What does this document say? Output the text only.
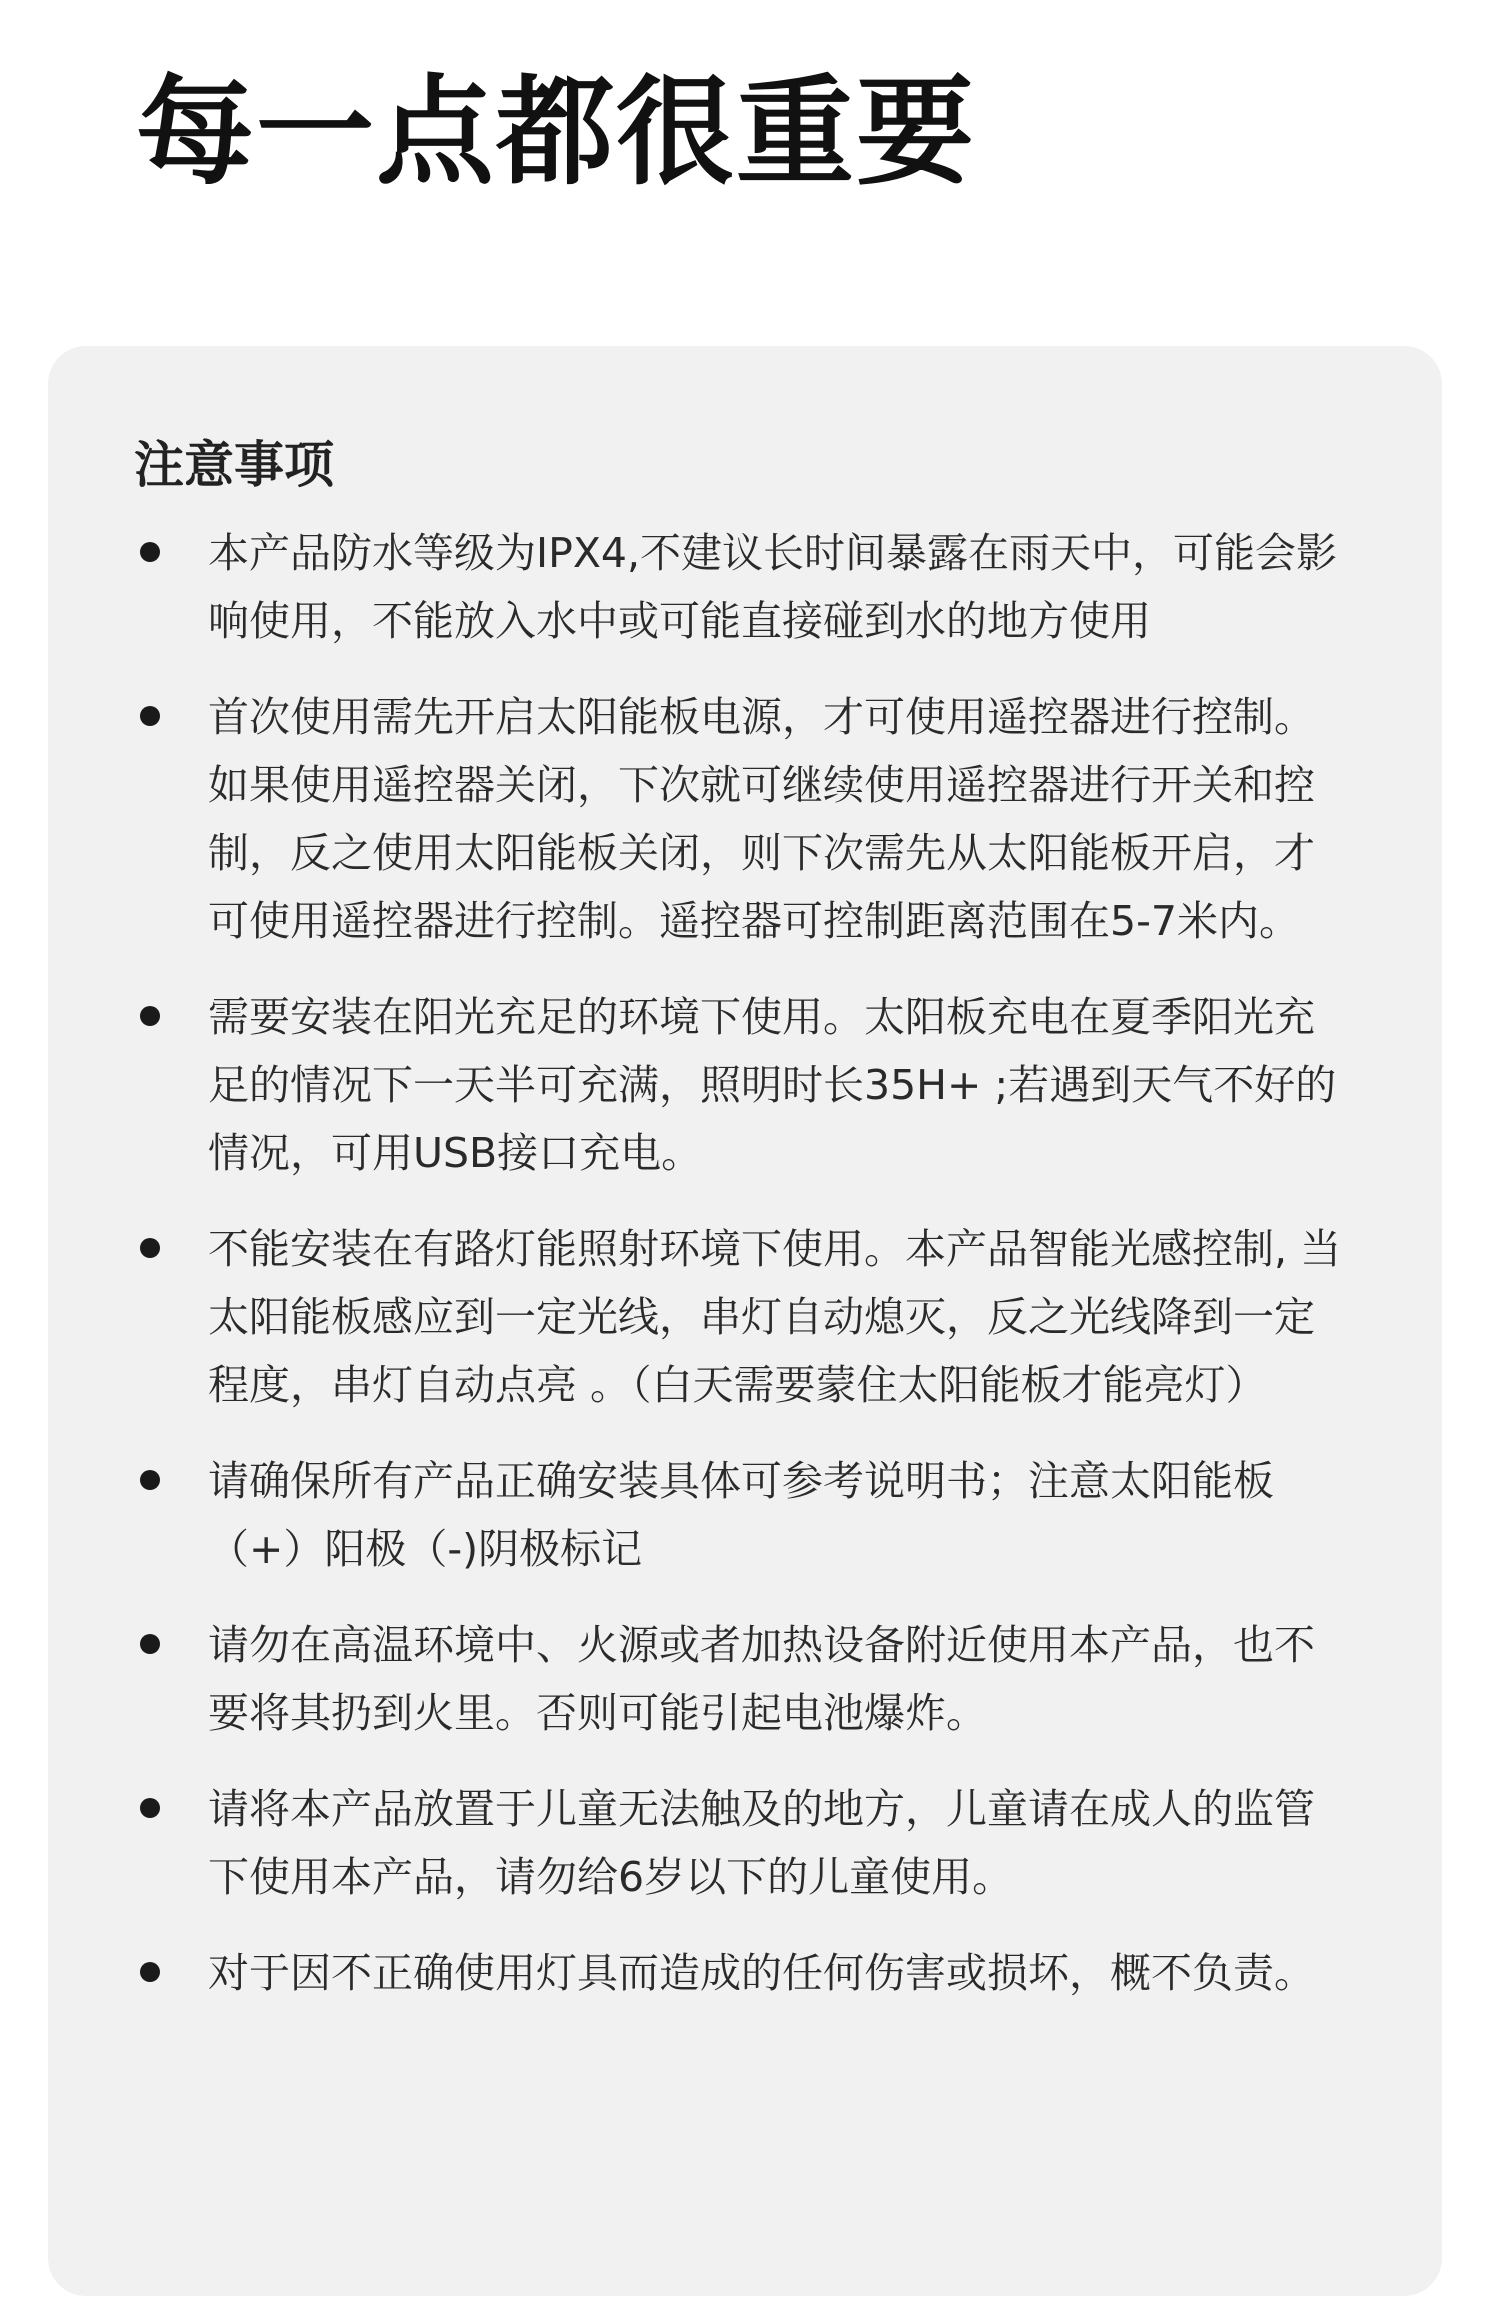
每一点都很重要
注意事项
本产品防水等级为IPX4,不建议长时间暴露在雨天中，可能会影响使用，不能放入水中或可能直接碰到水的地方使用
首次使用需先开启太阳能板电源，才可使用遥控器进行控制。如果使用遥控器关闭，下次就可继续使用遥控器进行开关和控制，反之使用太阳能板关闭，则下次需先从太阳能板开启，才可使用遥控器进行控制。遥控器可控制距离范围在5-7米内。
需要安装在阳光充足的环境下使用。太阳板充电在夏季阳光充足的情况下一天半可充满，照明时长35H+ ;若遇到天气不好的情况，可用USB接口充电。
不能安装在有路灯能照射环境下使用。本产品智能光感控制, 当太阳能板感应到一定光线，串灯自动熄灭，反之光线降到一定程度，串灯自动点亮 。（白天需要蒙住太阳能板才能亮灯）
请确保所有产品正确安装具体可参考说明书；注意太阳能板（+）阳极（-)阴极标记
请勿在高温环境中、火源或者加热设备附近使用本产品，也不要将其扔到火里。否则可能引起电池爆炸。
请将本产品放置于儿童无法触及的地方，儿童请在成人的监管下使用本产品，请勿给6岁以下的儿童使用。
对于因不正确使用灯具而造成的任何伤害或损坏，概不负责。
